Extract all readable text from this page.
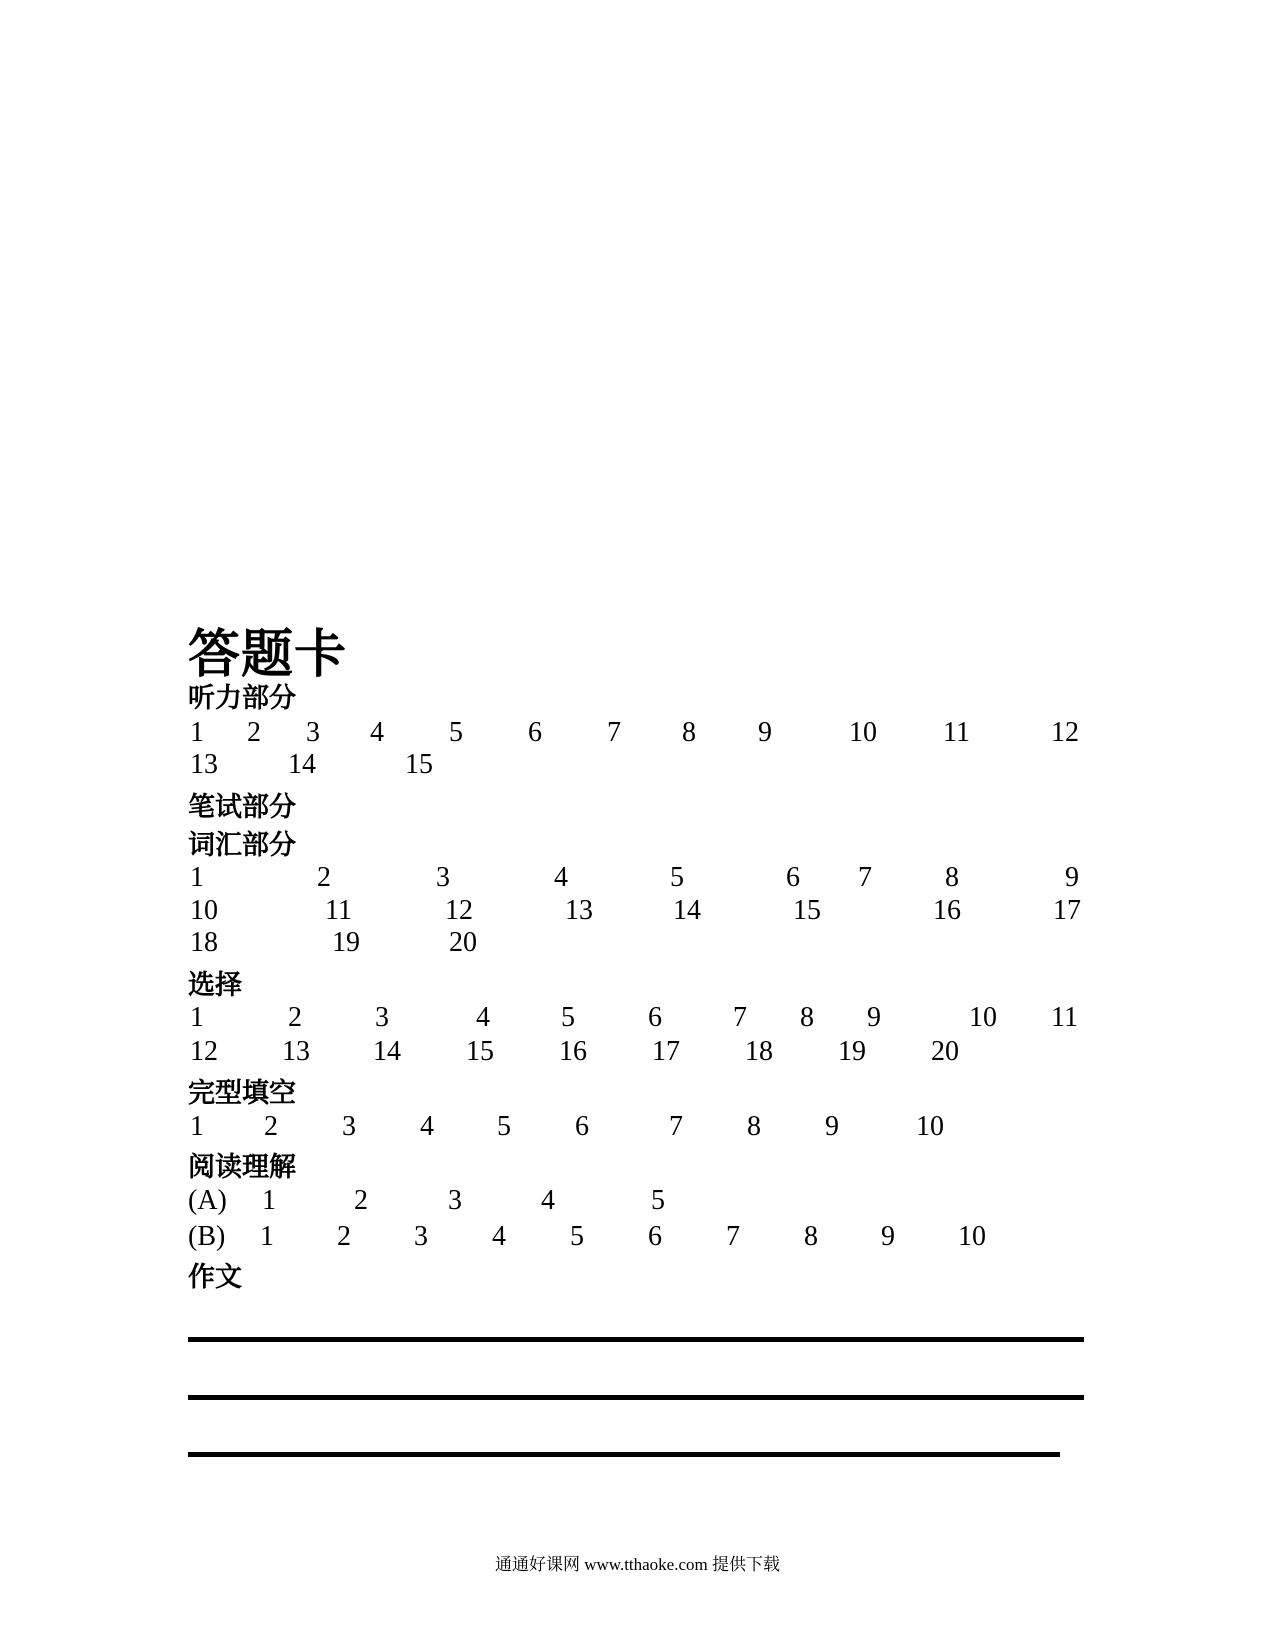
答题卡
听力部分
1 2 3 4 5 6 7 8 9	10 11	12
13	14	15
笔试部分
词汇部分
1	2	3	4	5	6 7	8	9
10	11	12	13	14	15	16	17
18	19	20
选择
1	2	3	4	5	6	7 8 9	10 11
12 13 14 15 16 17 18 19 20
完型填空
1 2 3 4 5 6	7 8 9	10
阅读理解
(A) 1	2	3	4	5
(B) 1 2 3 4 5 6 7 8 9 10
作文
通通好课网 www.tthaoke.com 提供下载
